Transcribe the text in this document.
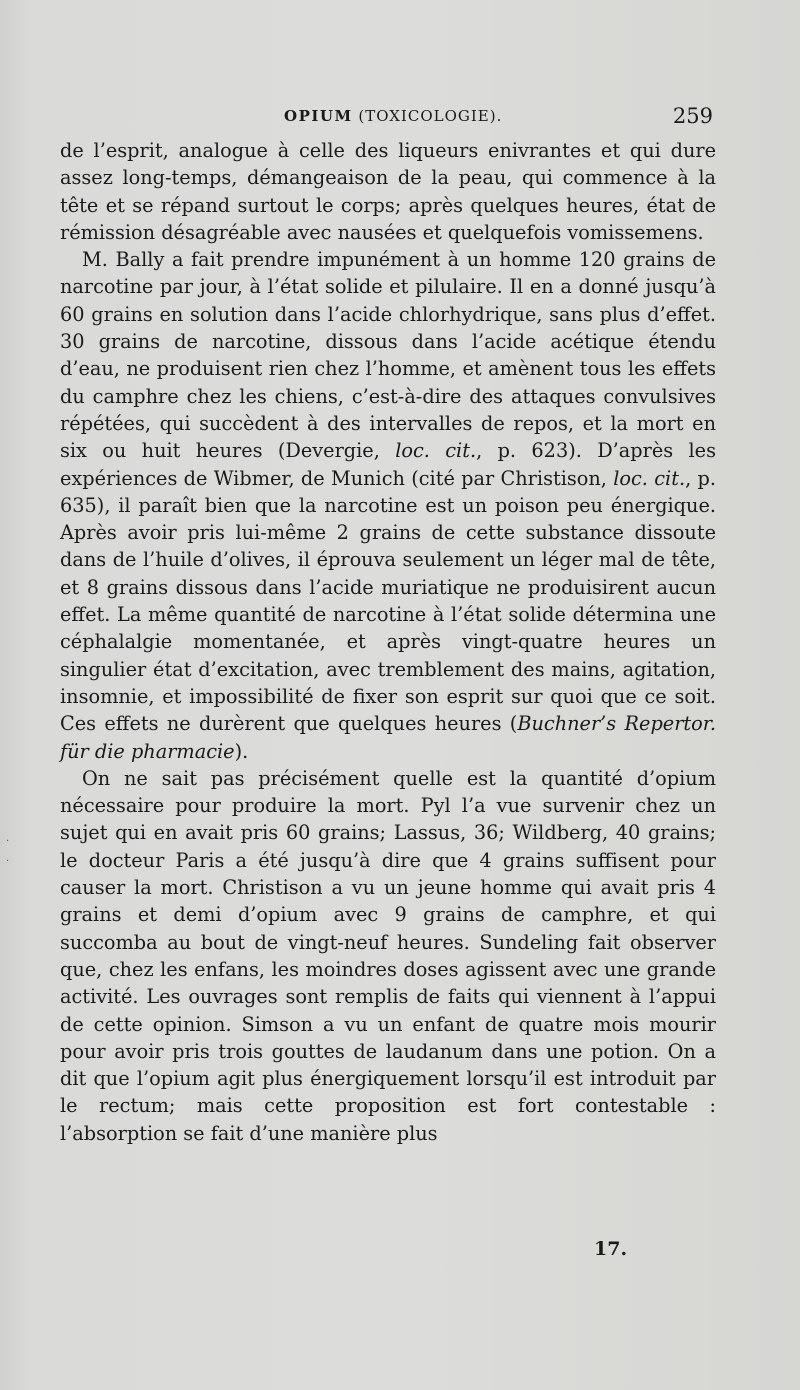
OPIUM (TOXICOLOGIE).	259

de l’esprit, analogue à celle des liqueurs enivrantes et qui dure assez long-temps, démangeaison de la peau, qui commence à la tête et se répand surtout le corps; après quelques heures, état de rémission désagréable avec nausées et quelquefois vomissemens.

M. Bally a fait prendre impunément à un homme 120 grains de narcotine par jour, à l’état solide et pilulaire. Il en a donné jusqu’à 60 grains en solution dans l’acide chlorhydrique, sans plus d’effet. 30 grains de narcotine, dissous dans l’acide acétique étendu d’eau, ne produisent rien chez l’homme, et amènent tous les effets du camphre chez les chiens, c’est-à-dire des attaques convulsives répétées, qui succèdent à des intervalles de repos, et la mort en six ou huit heures (Devergie, loc. cit., p. 623). D’après les expériences de Wibmer, de Munich (cité par Christison, loc. cit., p. 635), il paraît bien que la narcotine est un poison peu énergique. Après avoir pris lui-même 2 grains de cette substance dissoute dans de l’huile d’olives, il éprouva seulement un léger mal de tête, et 8 grains dissous dans l’acide muriatique ne produisirent aucun effet. La même quantité de narcotine à l’état solide détermina une céphalalgie momentanée, et après vingt-quatre heures un singulier état d’excitation, avec tremblement des mains, agitation, insomnie, et impossibilité de fixer son esprit sur quoi que ce soit. Ces effets ne durèrent que quelques heures (Buchner’s Repertor. für die pharmacie).

On ne sait pas précisément quelle est la quantité d’opium nécessaire pour produire la mort. Pyl l’a vue survenir chez un sujet qui en avait pris 60 grains; Lassus, 36; Wildberg, 40 grains; le docteur Paris a été jusqu’à dire que 4 grains suffisent pour causer la mort. Christison a vu un jeune homme qui avait pris 4 grains et demi d’opium avec 9 grains de camphre, et qui succomba au bout de vingt-neuf heures. Sundeling fait observer que, chez les enfans, les moindres doses agissent avec une grande activité. Les ouvrages sont remplis de faits qui viennent à l’appui de cette opinion. Simson a vu un enfant de quatre mois mourir pour avoir pris trois gouttes de laudanum dans une potion. On a dit que l’opium agit plus énergiquement lorsqu’il est introduit par le rectum; mais cette proposition est fort contestable : l’absorption se fait d’une manière plus

17.
·
·
